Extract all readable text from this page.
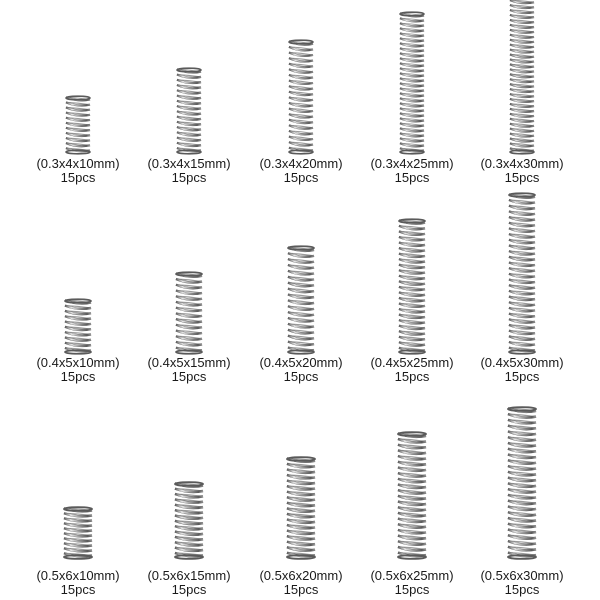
(0.3x4x10mm)
15pcs
(0.3x4x15mm)
15pcs
(0.3x4x20mm)
15pcs
(0.3x4x25mm)
15pcs
(0.3x4x30mm)
15pcs
(0.4x5x10mm)
15pcs
(0.4x5x15mm)
15pcs
(0.4x5x20mm)
15pcs
(0.4x5x25mm)
15pcs
(0.4x5x30mm)
15pcs
(0.5x6x10mm)
15pcs
(0.5x6x15mm)
15pcs
(0.5x6x20mm)
15pcs
(0.5x6x25mm)
15pcs
(0.5x6x30mm)
15pcs
